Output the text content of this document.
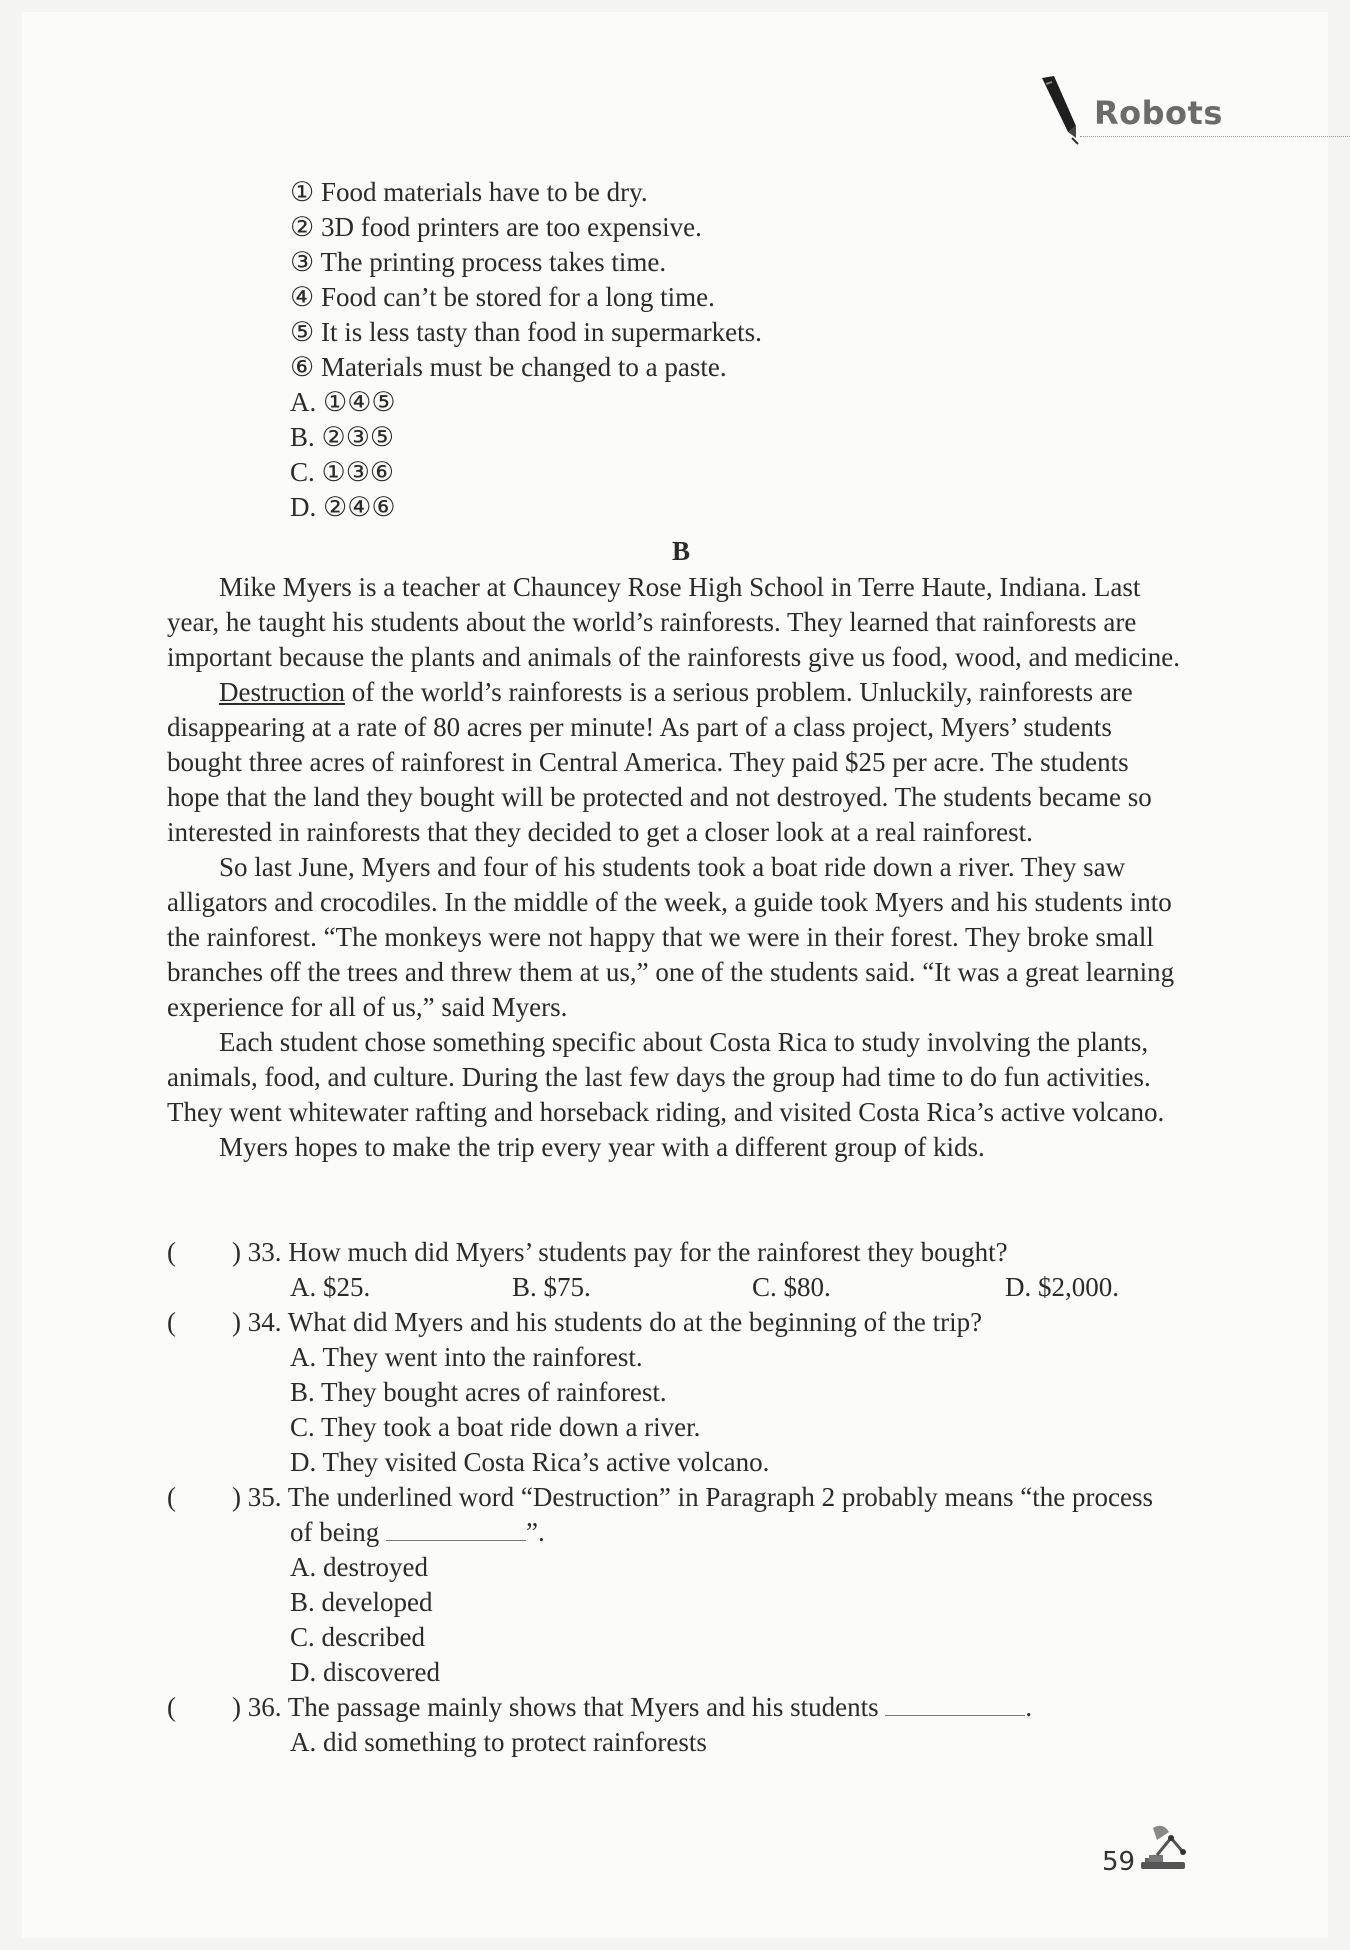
Robots
① Food materials have to be dry.
② 3D food printers are too expensive.
③ The printing process takes time.
④ Food can’t be stored for a long time.
⑤ It is less tasty than food in supermarkets.
⑥ Materials must be changed to a paste.
A. ①④⑤
B. ②③⑤
C. ①③⑥
D. ②④⑥
B

Mike Myers is a teacher at Chauncey Rose High School in Terre Haute, Indiana. Last year, he taught his students about the world’s rainforests. They learned that rainforests are important because the plants and animals of the rainforests give us food, wood, and medicine.

Destruction of the world’s rainforests is a serious problem. Unluckily, rainforests are disappearing at a rate of 80 acres per minute! As part of a class project, Myers’ students bought three acres of rainforest in Central America. They paid $25 per acre. The students hope that the land they bought will be protected and not destroyed. The students became so interested in rainforests that they decided to get a closer look at a real rainforest.

So last June, Myers and four of his students took a boat ride down a river. They saw alligators and crocodiles. In the middle of the week, a guide took Myers and his students into the rainforest. “The monkeys were not happy that we were in their forest. They broke small branches off the trees and threw them at us,” one of the students said. “It was a great learning experience for all of us,” said Myers.

Each student chose something specific about Costa Rica to study involving the plants, animals, food, and culture. During the last few days the group had time to do fun activities. They went whitewater rafting and horseback riding, and visited Costa Rica’s active volcano.

Myers hopes to make the trip every year with a different group of kids.

( ) 33. How much did Myers’ students pay for the rainforest they bought?
A. $25.	B. $75.	C. $80.	D. $2,000.
( ) 34. What did Myers and his students do at the beginning of the trip?
A. They went into the rainforest.
B. They bought acres of rainforest.
C. They took a boat ride down a river.
D. They visited Costa Rica’s active volcano.
( ) 35. The underlined word “Destruction” in Paragraph 2 probably means “the process
of being	”.
A. destroyed
B. developed
C. described
D. discovered
( ) 36. The passage mainly shows that Myers and his students	.
A. did something to protect rainforests
59
